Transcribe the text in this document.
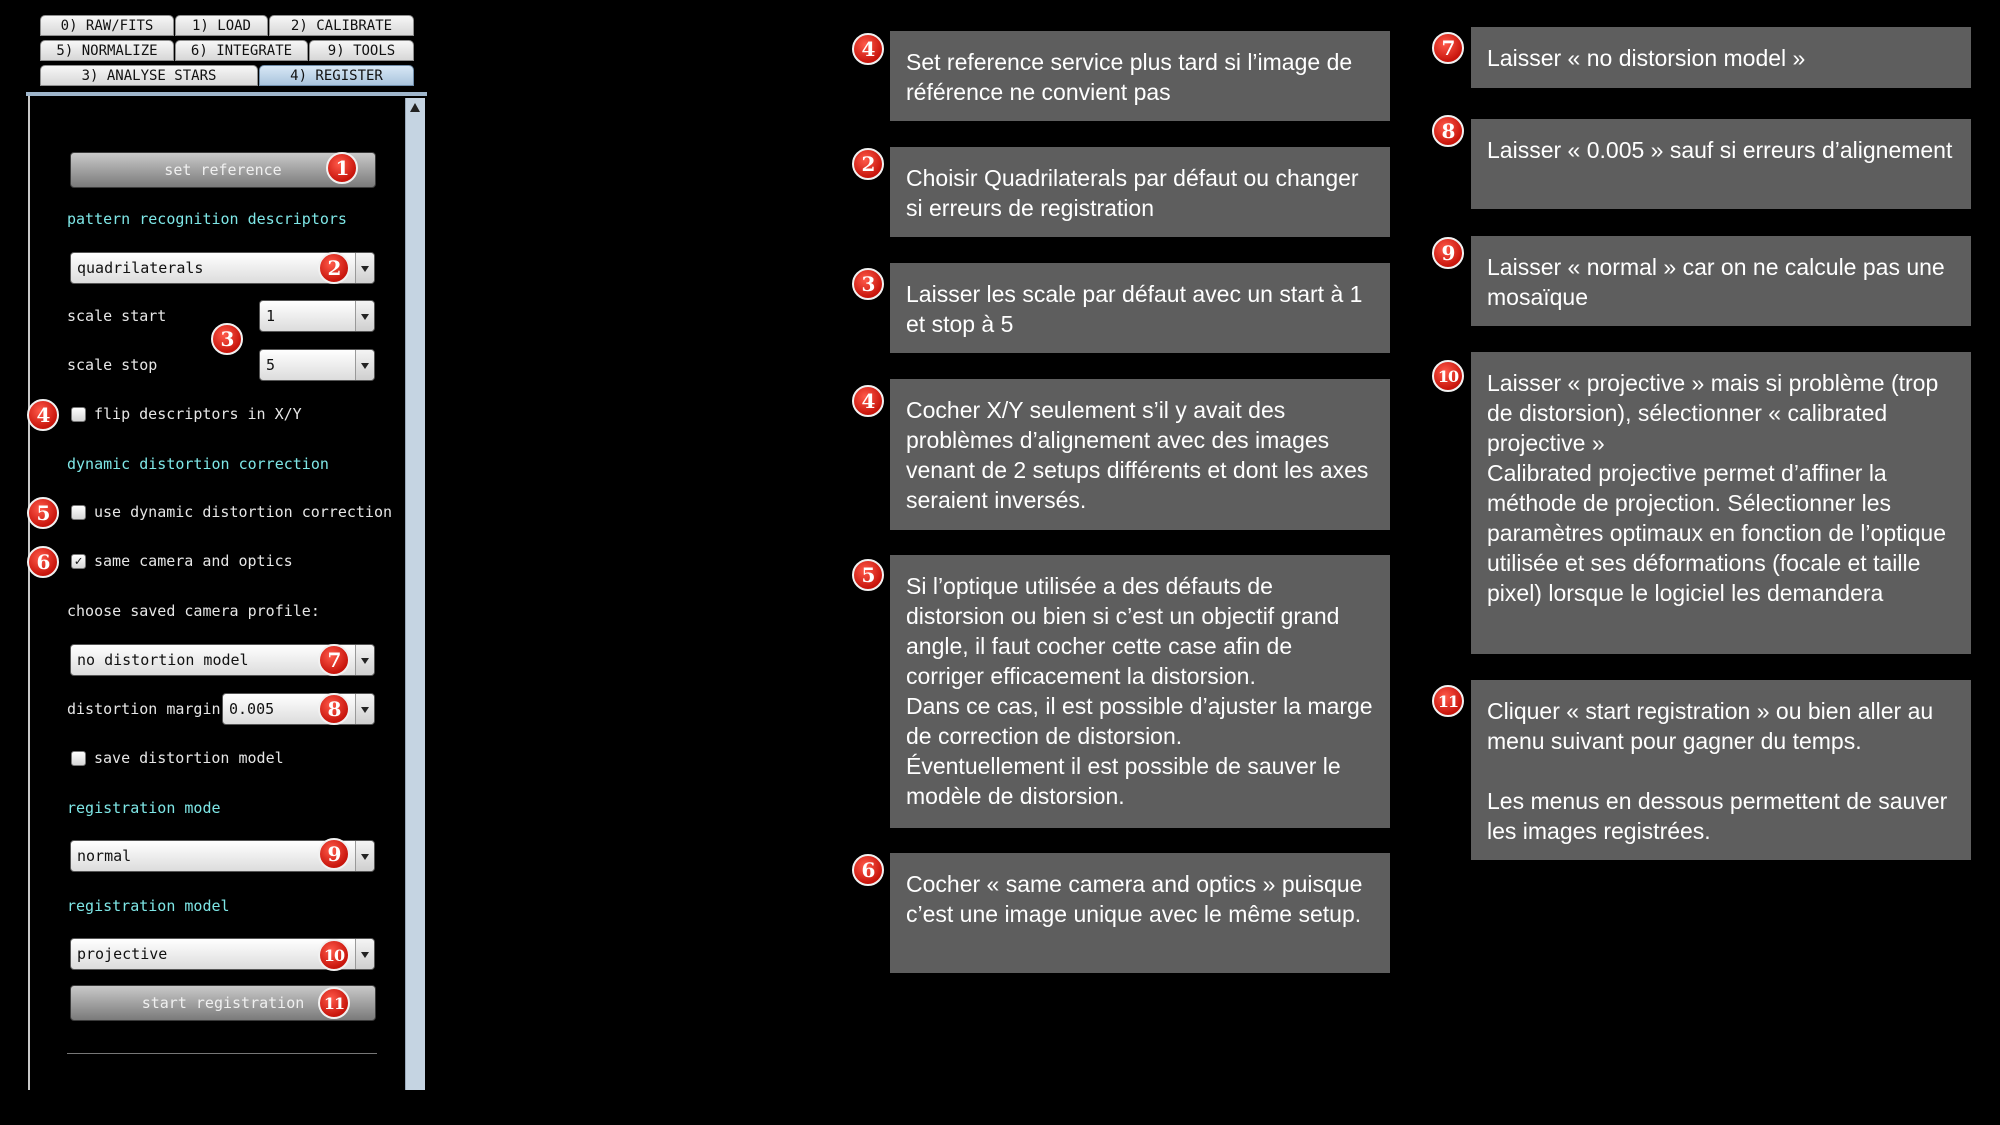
0) RAW/FITS	1) LOAD	2) CALIBRATE
5) NORMALIZE	6) INTEGRATE	9) TOOLS
3) ANALYSE STARS	4) REGISTER
set reference
pattern recognition descriptors
quadrilaterals
scale start	1
scale stop	5
flip descriptors in X/Y
dynamic distortion correction
use dynamic distortion correction
✓ same camera and optics
choose saved camera profile:
no distortion model
distortion margin 0.005
save distortion model
registration mode
normal
registration model
projective
start registration
1
2
3
4
5
6
7
8
9
10
11
4	Set reference service plus tard si l’image de référence ne convient pas
2
Choisir Quadrilaterals par défaut ou changer si erreurs de registration
3	Laisser les scale par défaut avec un start à 1 et stop à 5
4	Cocher X/Y seulement s’il y avait des problèmes d’alignement avec des images venant de 2 setups différents et dont les axes seraient inversés.
5	Si l’optique utilisée a des défauts de distorsion ou bien si c’est un objectif grand angle, il faut cocher cette case afin de corriger efficacement la distorsion.
Dans ce cas, il est possible d’ajuster la marge de correction de distorsion.
Éventuellement il est possible de sauver le modèle de distorsion.
6
Cocher « same camera and optics » puisque c’est une image unique avec le même setup.
7	Laisser « no distorsion model »
8
Laisser « 0.005 » sauf si erreurs d’alignement
9
Laisser « normal » car on ne calcule pas une mosaïque
10	Laisser « projective » mais si problème (trop de distorsion), sélectionner « calibrated projective »
Calibrated projective permet d’affiner la méthode de projection. Sélectionner les paramètres optimaux en fonction de l’optique utilisée et ses déformations (focale et taille pixel) lorsque le logiciel les demandera
11	Cliquer « start registration » ou bien aller au menu suivant pour gagner du temps.

Les menus en dessous permettent de sauver les images registrées.
